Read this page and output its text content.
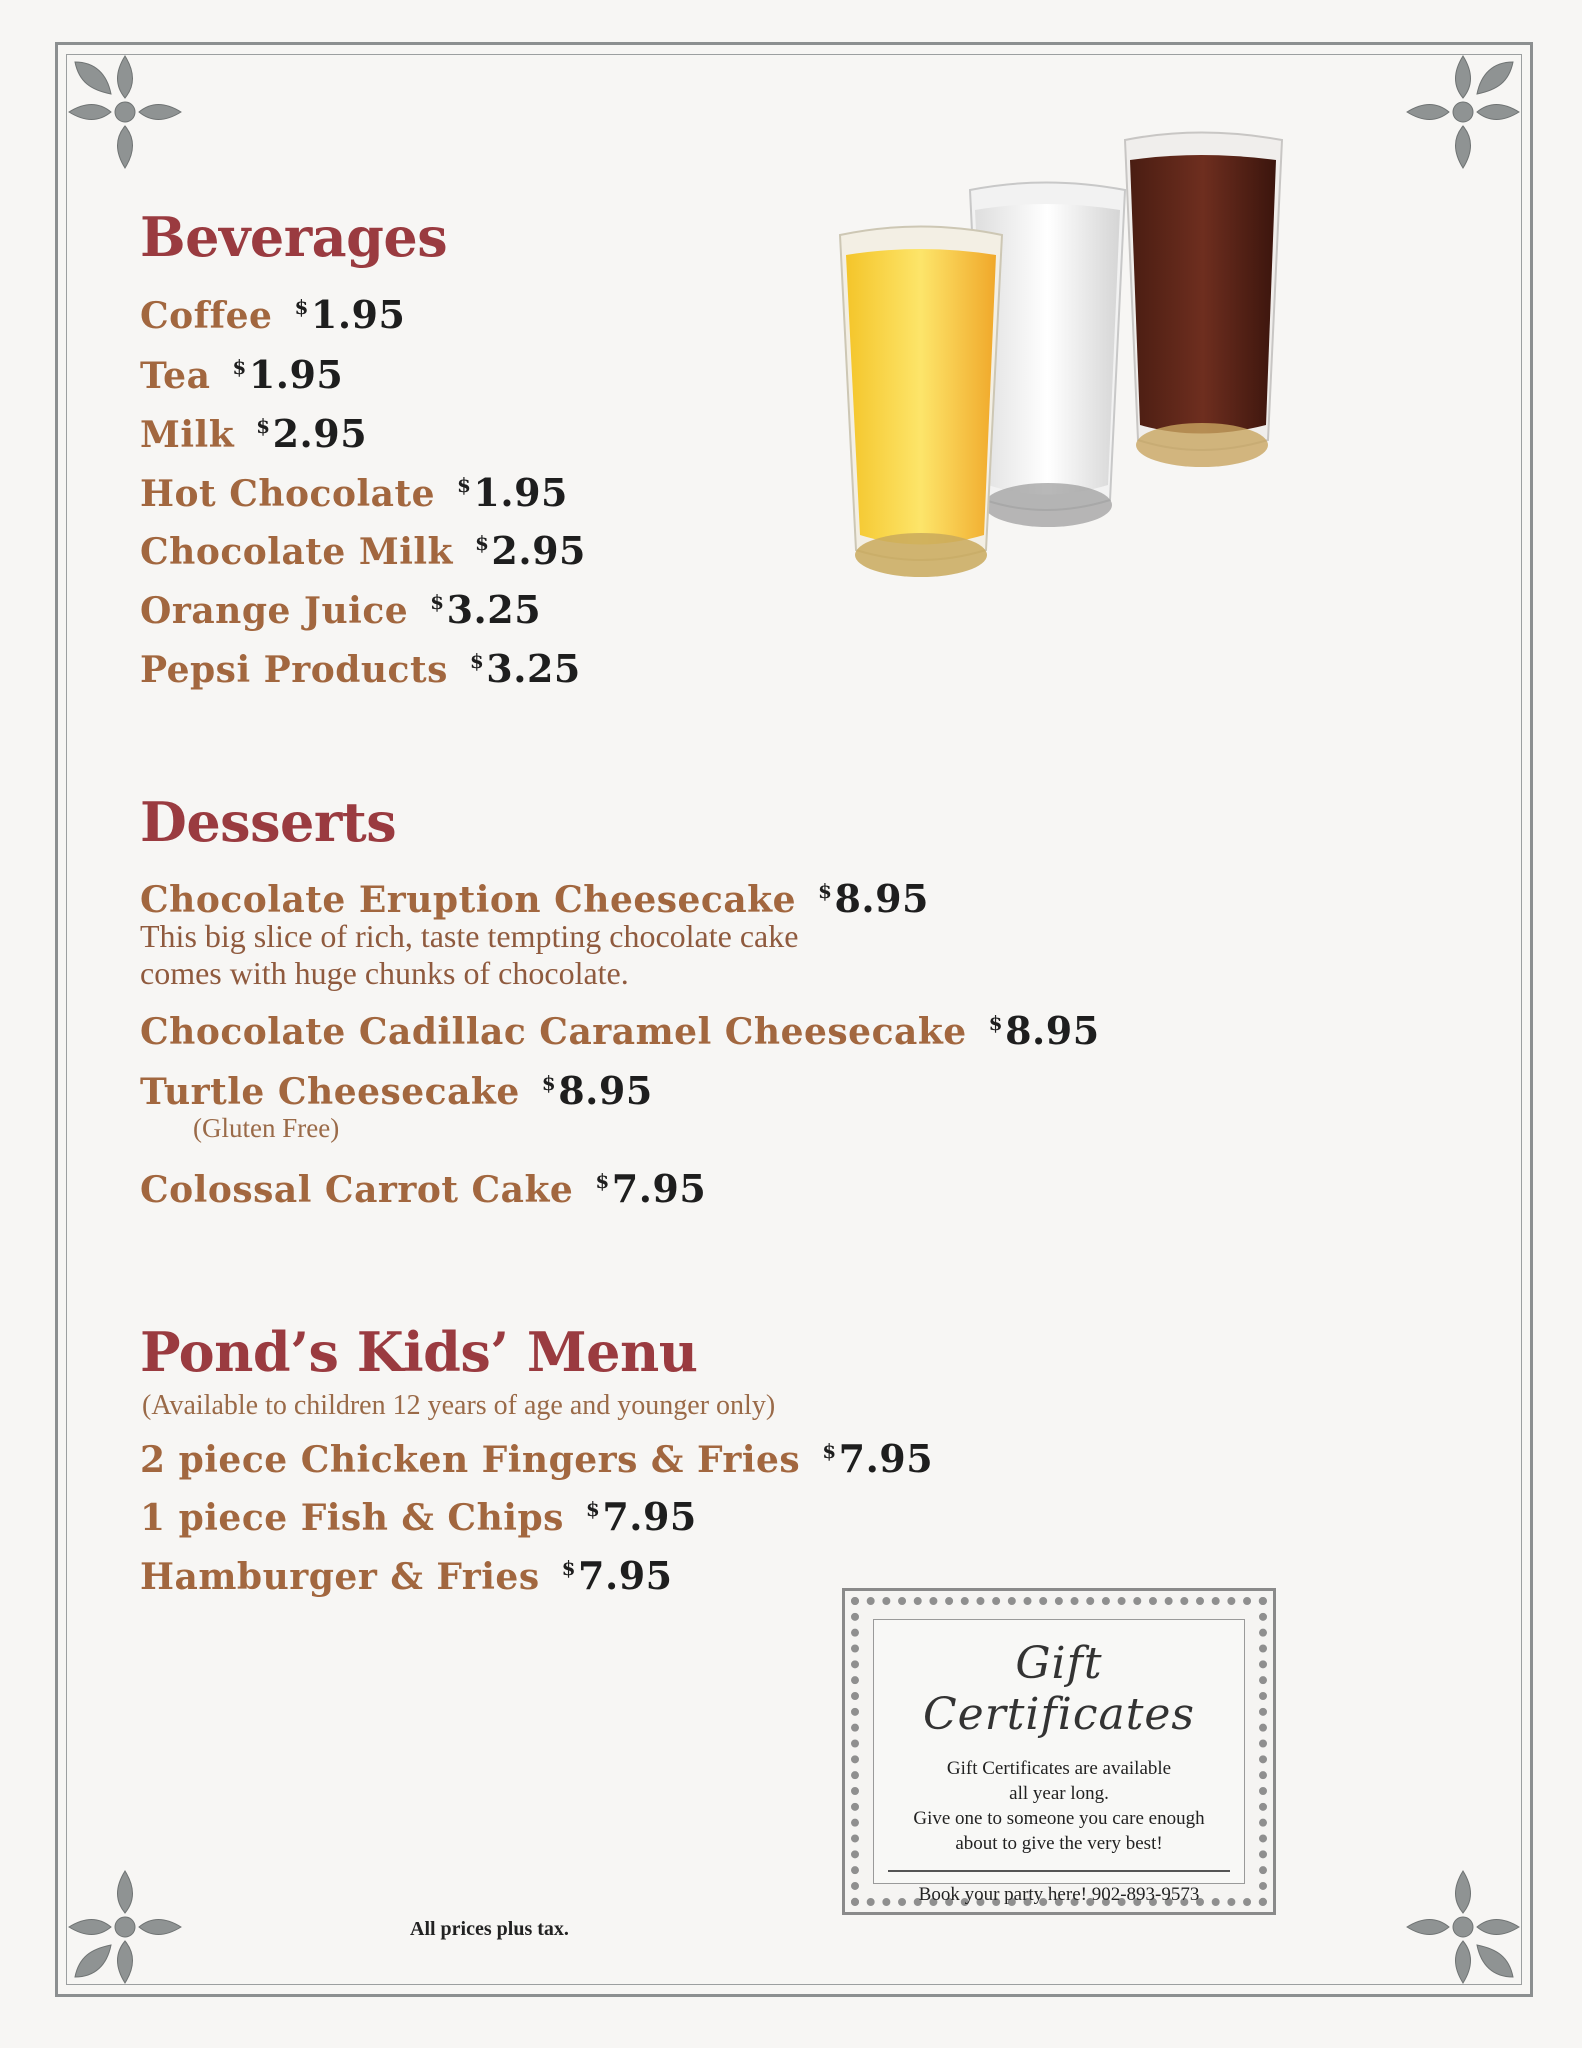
Beverages
Coffee $1.95
Tea $1.95
Milk $2.95
Hot Chocolate $1.95
Chocolate Milk $2.95
Orange Juice $3.25
Pepsi Products $3.25
Desserts
Chocolate Eruption Cheesecake $8.95
This big slice of rich, taste tempting chocolate cake
comes with huge chunks of chocolate.
Chocolate Cadillac Caramel Cheesecake $8.95
Turtle Cheesecake $8.95
(Gluten Free)
Colossal Carrot Cake $7.95
Pond’s Kids’ Menu
(Available to children 12 years of age and younger only)
2 piece Chicken Fingers & Fries $7.95
1 piece Fish & Chips $7.95
Hamburger & Fries $7.95
Gift Certificates
Gift Certificates are available
all year long.
Give one to someone you care enough
about to give the very best!
Book your party here! 902-893-9573
All prices plus tax.
